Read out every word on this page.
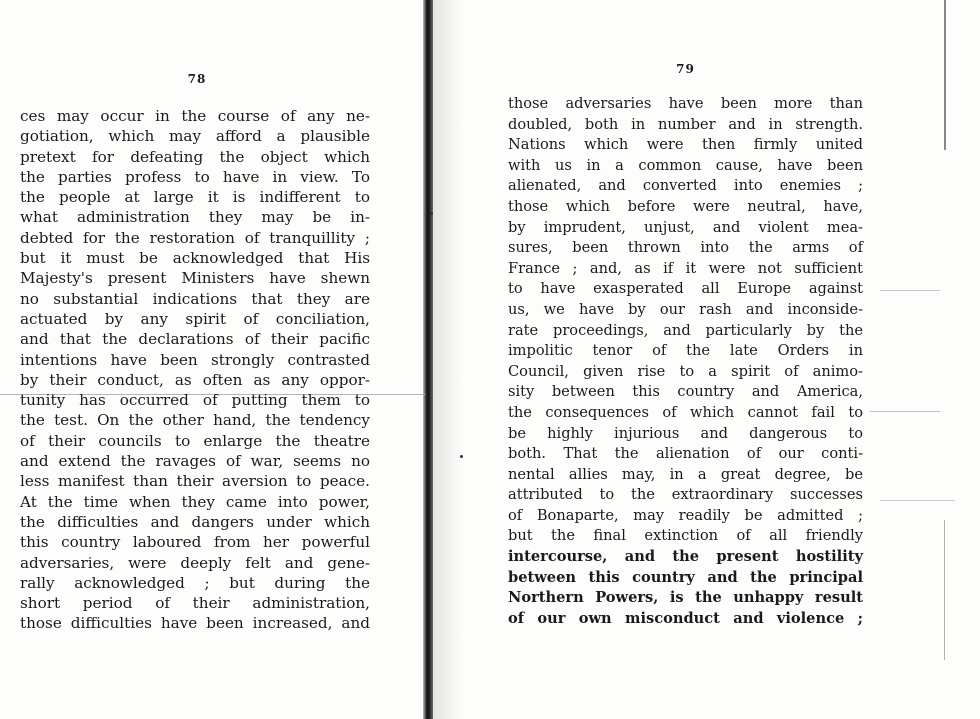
78
ces may occur in the course of any ne-
gotiation, which may afford a plausible
pretext for defeating the object which
the parties profess to have in view. To
the people at large it is indifferent to
what administration they may be in-
debted for the restoration of tranquillity ;
but it must be acknowledged that His
Majesty's present Ministers have shewn
no substantial indications that they are
actuated by any spirit of conciliation,
and that the declarations of their pacific
intentions have been strongly contrasted
by their conduct, as often as any oppor-
tunity has occurred of putting them to
the test. On the other hand, the tendency
of their councils to enlarge the theatre
and extend the ravages of war, seems no
less manifest than their aversion to peace.
At the time when they came into power,
the difficulties and dangers under which
this country laboured from her powerful
adversaries, were deeply felt and gene-
rally acknowledged ; but during the
short period of their administration,
those difficulties have been increased, and
79
those adversaries have been more than
doubled, both in number and in strength.
Nations which were then firmly united
with us in a common cause, have been
alienated, and converted into enemies ;
those which before were neutral, have,
by imprudent, unjust, and violent mea-
sures, been thrown into the arms of
France ; and, as if it were not sufficient
to have exasperated all Europe against
us, we have by our rash and inconside-
rate proceedings, and particularly by the
impolitic tenor of the late Orders in
Council, given rise to a spirit of animo-
sity between this country and America,
the consequences of which cannot fail to
be highly injurious and dangerous to
both. That the alienation of our conti-
nental allies may, in a great degree, be
attributed to the extraordinary successes
of Bonaparte, may readily be admitted ;
but the final extinction of all friendly
intercourse, and the present hostility
between this country and the principal
Northern Powers, is the unhappy result
of our own misconduct and violence ;
